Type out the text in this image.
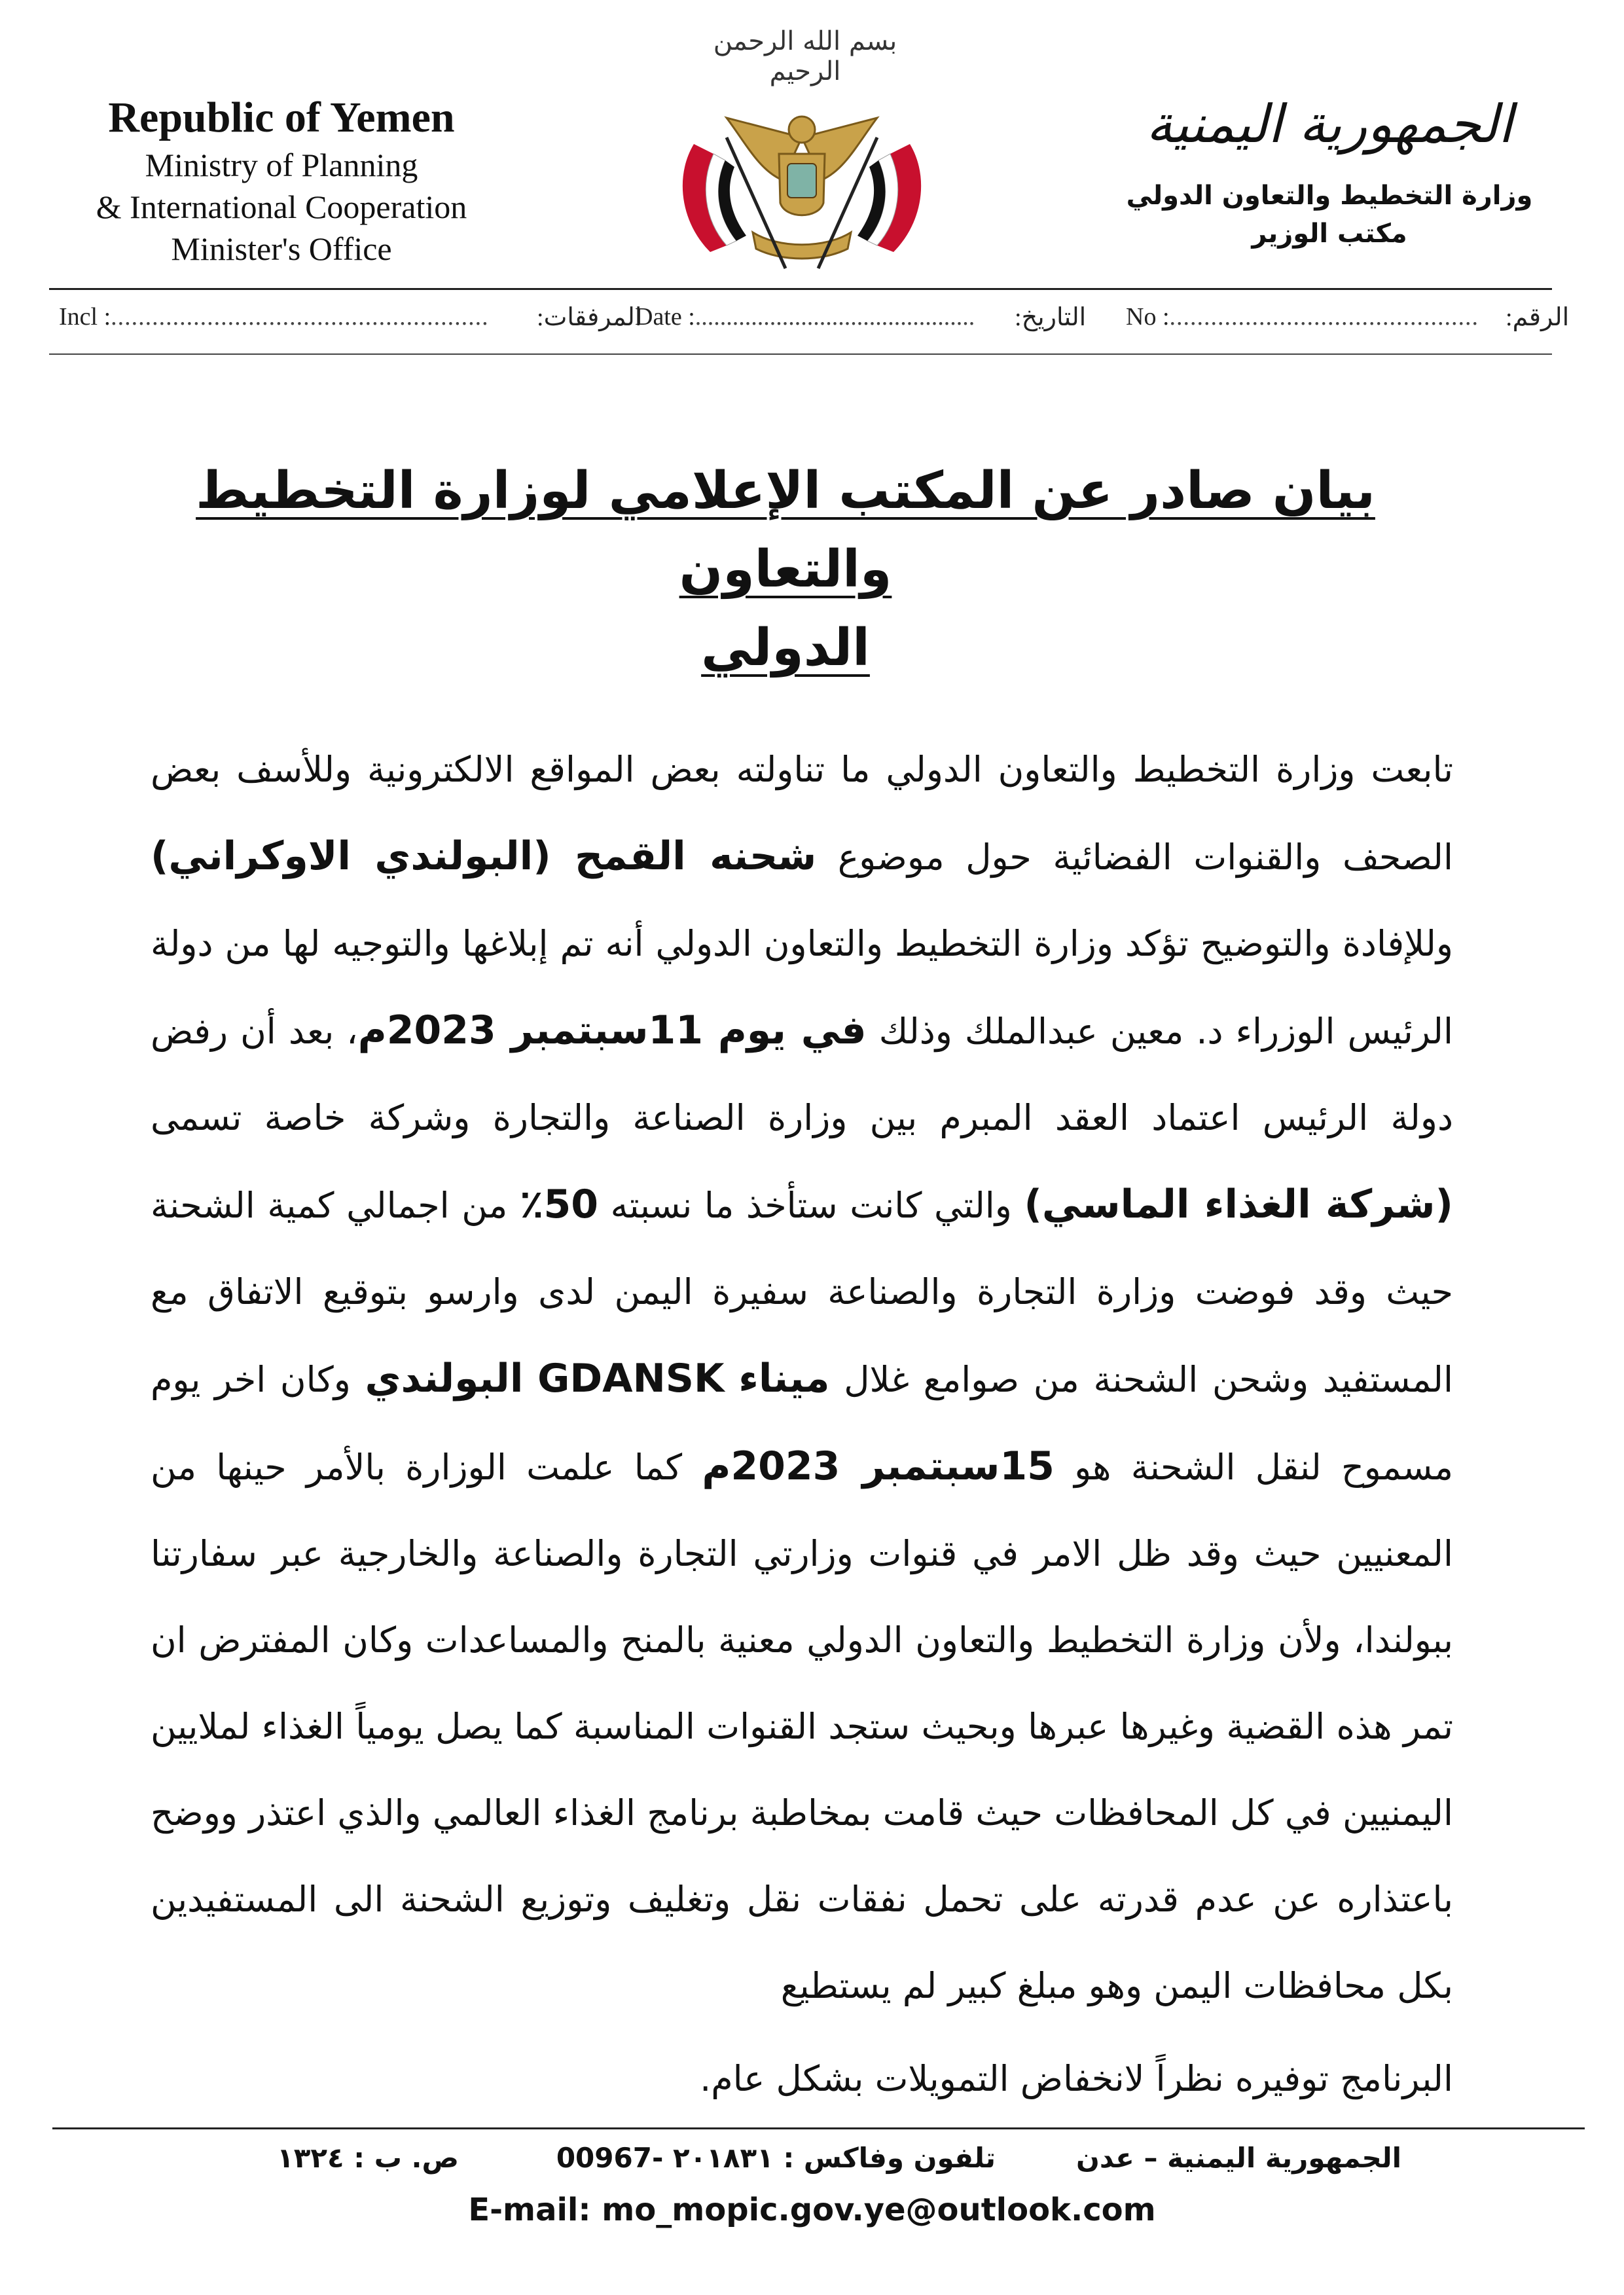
Republic of Yemen
Ministry of Planning
& International Cooperation
Minister's Office
بسم الله الرحمن الرحيم
الجمهورية اليمنية
وزارة التخطيط والتعاون الدولي
مكتب الوزير
Incl :....................................................... :المرفقات
Date :............................................. :التاريخ No :............................................. :الرقم
بيان صادر عن المكتب الإعلامي لوزارة التخطيط والتعاون
الدولي

تابعت وزارة التخطيط والتعاون الدولي ما تناولته بعض المواقع الالكترونية وللأسف بعض الصحف والقنوات الفضائية حول موضوع شحنه القمح (البولندي الاوكراني) وللإفادة والتوضيح تؤكد وزارة التخطيط والتعاون الدولي أنه تم إبلاغها والتوجيه لها من دولة الرئيس الوزراء د. معين عبدالملك وذلك في يوم 11سبتمبر 2023م، بعد أن رفض دولة الرئيس اعتماد العقد المبرم بين وزارة الصناعة والتجارة وشركة خاصة تسمى (شركة الغذاء الماسي) والتي كانت ستأخذ ما نسبته 50٪ من اجمالي كمية الشحنة حيث وقد فوضت وزارة التجارة والصناعة سفيرة اليمن لدى وارسو بتوقيع الاتفاق مع المستفيد وشحن الشحنة من صوامع غلال ميناء GDANSK البولندي وكان اخر يوم مسموح لنقل الشحنة هو 15سبتمبر 2023م كما علمت الوزارة بالأمر حينها من المعنيين حيث وقد ظل الامر في قنوات وزارتي التجارة والصناعة والخارجية عبر سفارتنا ببولندا، ولأن وزارة التخطيط والتعاون الدولي معنية بالمنح والمساعدات وكان المفترض ان تمر هذه القضية وغيرها عبرها وبحيث ستجد القنوات المناسبة كما يصل يومياً الغذاء لملايين اليمنيين في كل المحافظات حيث قامت بمخاطبة برنامج الغذاء العالمي والذي اعتذر ووضح باعتذاره عن عدم قدرته على تحمل نفقات نقل وتغليف وتوزيع الشحنة الى المستفيدين بكل محافظات اليمن وهو مبلغ كبير لم يستطيع

البرنامج توفيره نظراً لانخفاض التمويلات بشكل عام.

الجمهورية اليمنية – عدن
تلفون وفاكس : ٢٠١٨٣١ -00967
ص. ب : ١٣٢٤
E-mail: mo_mopic.gov.ye@outlook.com
